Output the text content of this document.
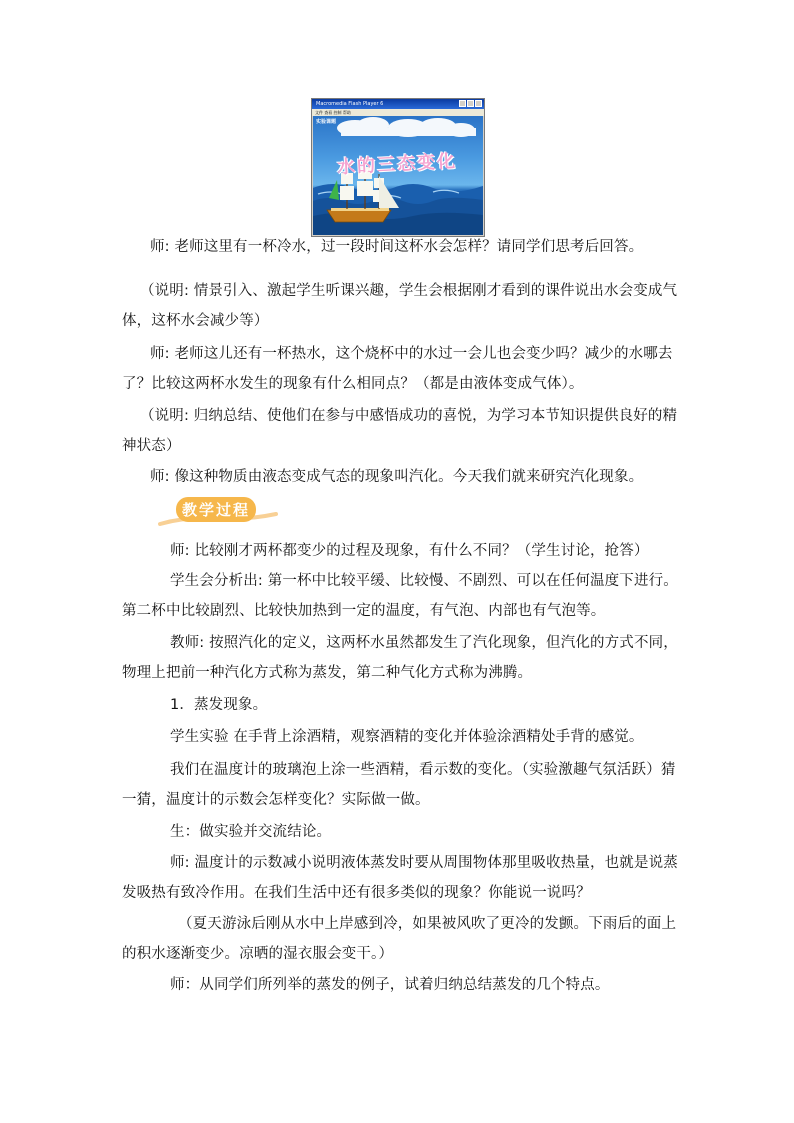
Macromedia Flash Player 6
文件 查看 控制 帮助
实验课题
水的三态变化

师: 老师这里有一杯冷水，过一段时间这杯水会怎样？请同学们思考后回答。

（说明: 情景引入、激起学生听课兴趣，学生会根据刚才看到的课件说出水会变成气体，这杯水会减少等）

师: 老师这儿还有一杯热水，这个烧杯中的水过一会儿也会变少吗？减少的水哪去了？比较这两杯水发生的现象有什么相同点？（都是由液体变成气体）。

（说明: 归纳总结、使他们在参与中感悟成功的喜悦，为学习本节知识提供良好的精神状态）

师: 像这种物质由液态变成气态的现象叫汽化。今天我们就来研究汽化现象。

教学过程

师: 比较刚才两杯都变少的过程及现象，有什么不同？（学生讨论，抢答）

学生会分析出: 第一杯中比较平缓、比较慢、不剧烈、可以在任何温度下进行。第二杯中比较剧烈、比较快加热到一定的温度，有气泡、内部也有气泡等。

教师: 按照汽化的定义，这两杯水虽然都发生了汽化现象，但汽化的方式不同，物理上把前一种汽化方式称为蒸发，第二种气化方式称为沸腾。

1．蒸发现象。

学生实验 在手背上涂酒精，观察酒精的变化并体验涂酒精处手背的感觉。

我们在温度计的玻璃泡上涂一些酒精，看示数的变化。（实验激趣气氛活跃）猜一猜，温度计的示数会怎样变化？实际做一做。

生：做实验并交流结论。

师: 温度计的示数减小说明液体蒸发时要从周围物体那里吸收热量，也就是说蒸发吸热有致冷作用。在我们生活中还有很多类似的现象？你能说一说吗？

（夏天游泳后刚从水中上岸感到冷，如果被风吹了更冷的发颤。下雨后的面上的积水逐渐变少。凉晒的湿衣服会变干。）

师：从同学们所列举的蒸发的例子，试着归纳总结蒸发的几个特点。
